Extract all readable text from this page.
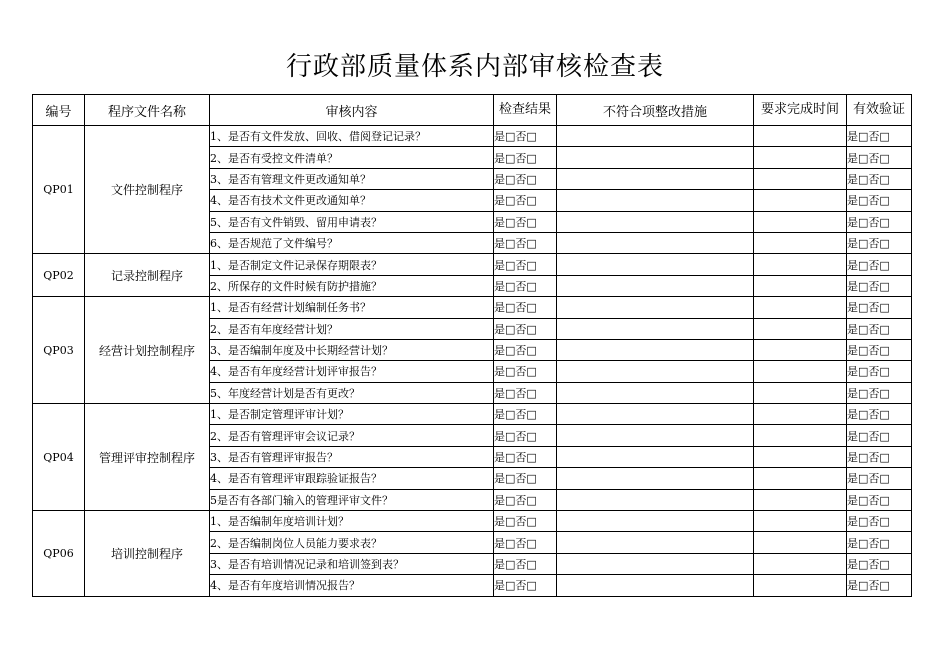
行政部质量体系内部审核检查表
编号	程序文件名称	审核内容	检查结果	不符合项整改措施	要求完成时间	有效验证
QP01	文件控制程序	1、是否有文件发放、回收、借阅登记记录？	是□否□			是□否□
		2、是否有受控文件清单？	是□否□			是□否□
		3、是否有管理文件更改通知单？	是□否□			是□否□
		4、是否有技术文件更改通知单？	是□否□			是□否□
		5、是否有文件销毁、留用申请表？	是□否□			是□否□
		6、是否规范了文件编号？	是□否□			是□否□
QP02	记录控制程序	1、是否制定文件记录保存期限表？	是□否□			是□否□
		2、所保存的文件时候有防护措施？	是□否□			是□否□
QP03	经营计划控制程序	1、是否有经营计划编制任务书？	是□否□			是□否□
		2、是否有年度经营计划？	是□否□			是□否□
		3、是否编制年度及中长期经营计划？	是□否□			是□否□
		4、是否有年度经营计划评审报告？	是□否□			是□否□
		5、年度经营计划是否有更改？	是□否□			是□否□
QP04	管理评审控制程序	1、是否制定管理评审计划？	是□否□			是□否□
		2、是否有管理评审会议记录？	是□否□			是□否□
		3、是否有管理评审报告？	是□否□			是□否□
		4、是否有管理评审跟踪验证报告？	是□否□			是□否□
		5是否有各部门输入的管理评审文件？	是□否□			是□否□
QP06	培训控制程序	1、是否编制年度培训计划？	是□否□			是□否□
		2、是否编制岗位人员能力要求表？	是□否□			是□否□
		3、是否有培训情况记录和培训签到表？	是□否□			是□否□
		4、是否有年度培训情况报告？	是□否□			是□否□
